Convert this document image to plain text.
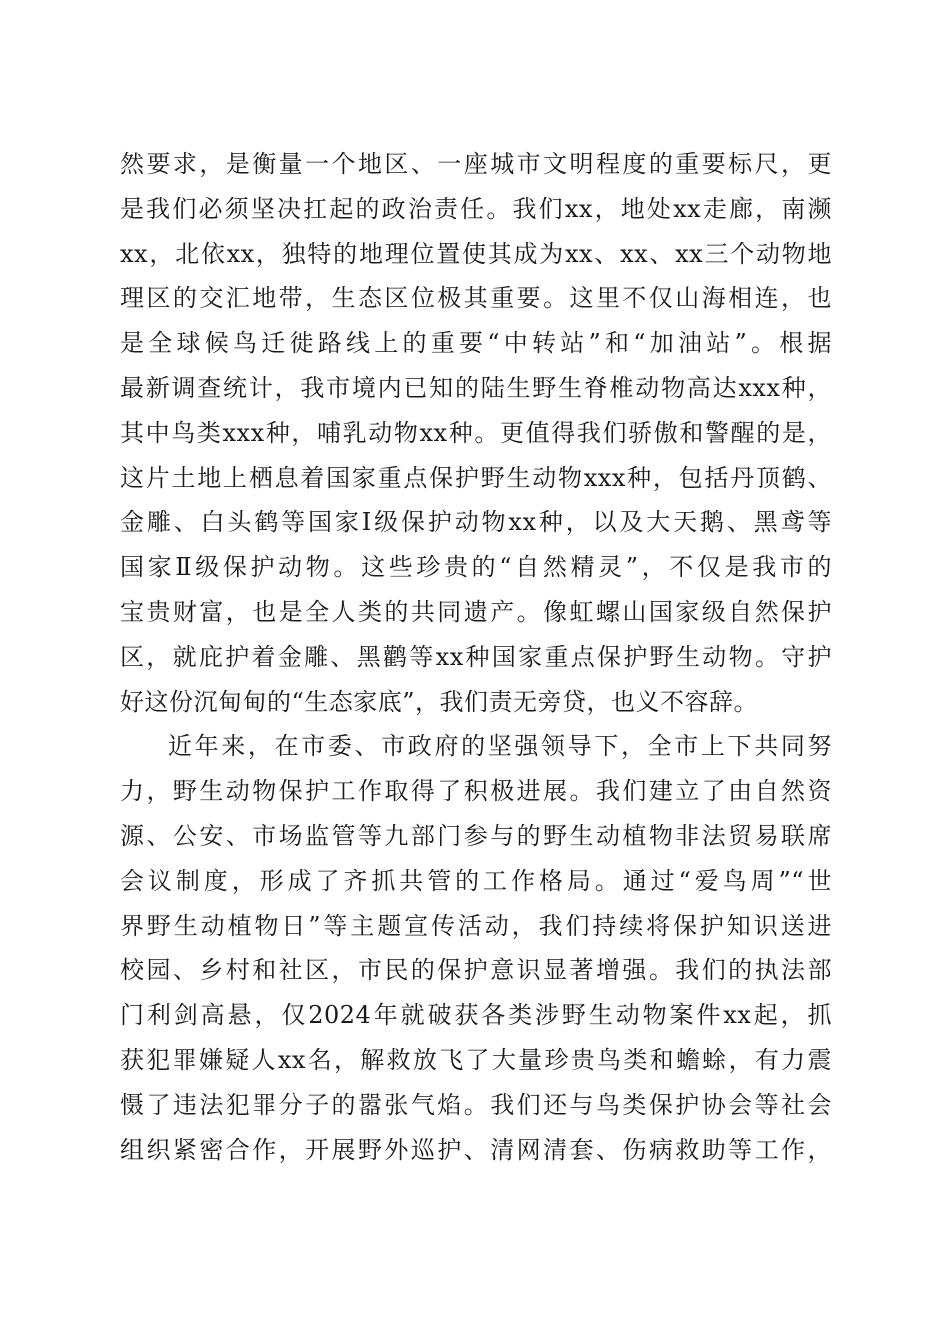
然要求，是衡量一个地区、一座城市文明程度的重要标尺，更
是我们必须坚决扛起的政治责任。我们xx，地处xx走廊，南濒
xx，北依xx，独特的地理位置使其成为xx、xx、xx三个动物地
理区的交汇地带，生态区位极其重要。这里不仅山海相连，也
是全球候鸟迁徙路线上的重要“中转站”和“加油站”。根据
最新调查统计，我市境内已知的陆生野生脊椎动物高达xxx种，
其中鸟类xxx种，哺乳动物xx种。更值得我们骄傲和警醒的是，
这片土地上栖息着国家重点保护野生动物xxx种，包括丹顶鹤、
金雕、白头鹤等国家Ⅰ级保护动物xx种，以及大天鹅、黑鸢等
国家Ⅱ级保护动物。这些珍贵的“自然精灵”，不仅是我市的
宝贵财富，也是全人类的共同遗产。像虹螺山国家级自然保护
区，就庇护着金雕、黑鹳等xx种国家重点保护野生动物。守护
好这份沉甸甸的“生态家底”，我们责无旁贷，也义不容辞。
近年来，在市委、市政府的坚强领导下，全市上下共同努
力，野生动物保护工作取得了积极进展。我们建立了由自然资
源、公安、市场监管等九部门参与的野生动植物非法贸易联席
会议制度，形成了齐抓共管的工作格局。通过“爱鸟周”“世
界野生动植物日”等主题宣传活动，我们持续将保护知识送进
校园、乡村和社区，市民的保护意识显著增强。我们的执法部
门利剑高悬，仅2024年就破获各类涉野生动物案件xx起，抓
获犯罪嫌疑人xx名，解救放飞了大量珍贵鸟类和蟾蜍，有力震
慑了违法犯罪分子的嚣张气焰。我们还与鸟类保护协会等社会
组织紧密合作，开展野外巡护、清网清套、伤病救助等工作，
